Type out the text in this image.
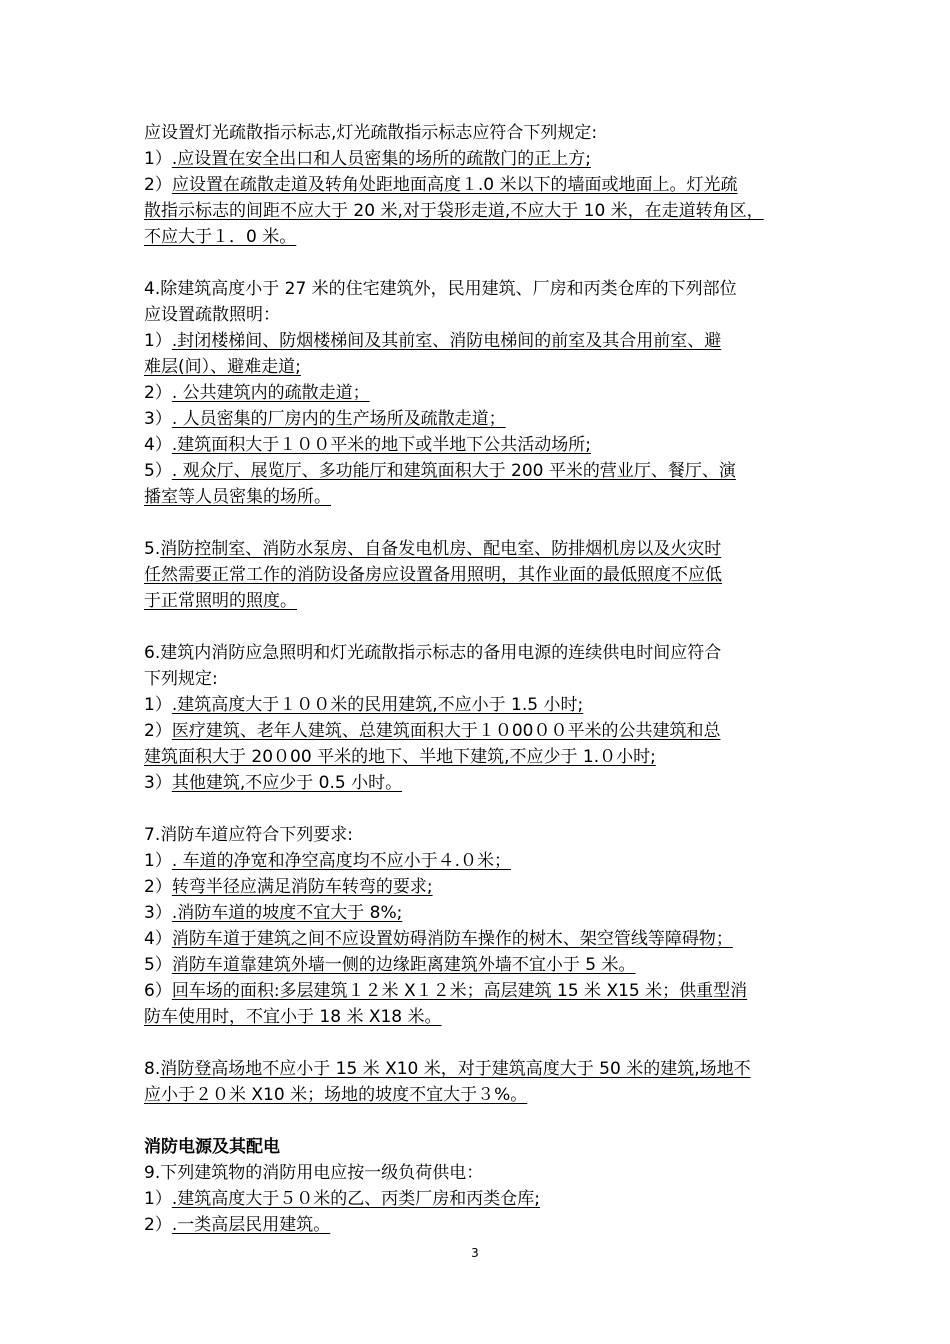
应设置灯光疏散指示标志,灯光疏散指示标志应符合下列规定:
1）.应设置在安全出口和人员密集的场所的疏散门的正上方;
2）应设置在疏散走道及转角处距地面高度１.0 米以下的墙面或地面上。灯光疏
散指示标志的间距不应大于 20 米,对于袋形走道,不应大于 10 米，在走道转角区，
不应大于１．0 米。
4.除建筑高度小于 27 米的住宅建筑外，民用建筑、厂房和丙类仓库的下列部位
应设置疏散照明：
1）.封闭楼梯间、防烟楼梯间及其前室、消防电梯间的前室及其合用前室、避
难层(间）、避难走道;
2）. 公共建筑内的疏散走道；
3）. 人员密集的厂房内的生产场所及疏散走道；
4）.建筑面积大于１００平米的地下或半地下公共活动场所;
5）. 观众厅、展览厅、多功能厅和建筑面积大于 200 平米的营业厅、餐厅、演
播室等人员密集的场所。
5.消防控制室、消防水泵房、自备发电机房、配电室、防排烟机房以及火灾时
任然需要正常工作的消防设备房应设置备用照明，其作业面的最低照度不应低
于正常照明的照度。
6.建筑内消防应急照明和灯光疏散指示标志的备用电源的连续供电时间应符合
下列规定:
1）.建筑高度大于１００米的民用建筑,不应小于 1.5 小时;
2）医疗建筑、老年人建筑、总建筑面积大于１０00００平米的公共建筑和总
建筑面积大于 20０00 平米的地下、半地下建筑,不应少于 1.０小时;
3）其他建筑,不应少于 0.5 小时。
7.消防车道应符合下列要求:
1）. 车道的净宽和净空高度均不应小于４.０米；
2）转弯半径应满足消防车转弯的要求;
3）.消防车道的坡度不宜大于 8%;
4）消防车道于建筑之间不应设置妨碍消防车操作的树木、架空管线等障碍物；
5）消防车道靠建筑外墙一侧的边缘距离建筑外墙不宜小于 5 米。
6）回车场的面积:多层建筑１２米 X１２米；高层建筑 15 米 X15 米；供重型消
防车使用时，不宜小于 18 米 X18 米。
8.消防登高场地不应小于 15 米 X10 米，对于建筑高度大于 50 米的建筑,场地不
应小于２０米 X10 米；场地的坡度不宜大于３%。
消防电源及其配电
9.下列建筑物的消防用电应按一级负荷供电：
1）.建筑高度大于５０米的乙、丙类厂房和丙类仓库;
2）.一类高层民用建筑。
3
